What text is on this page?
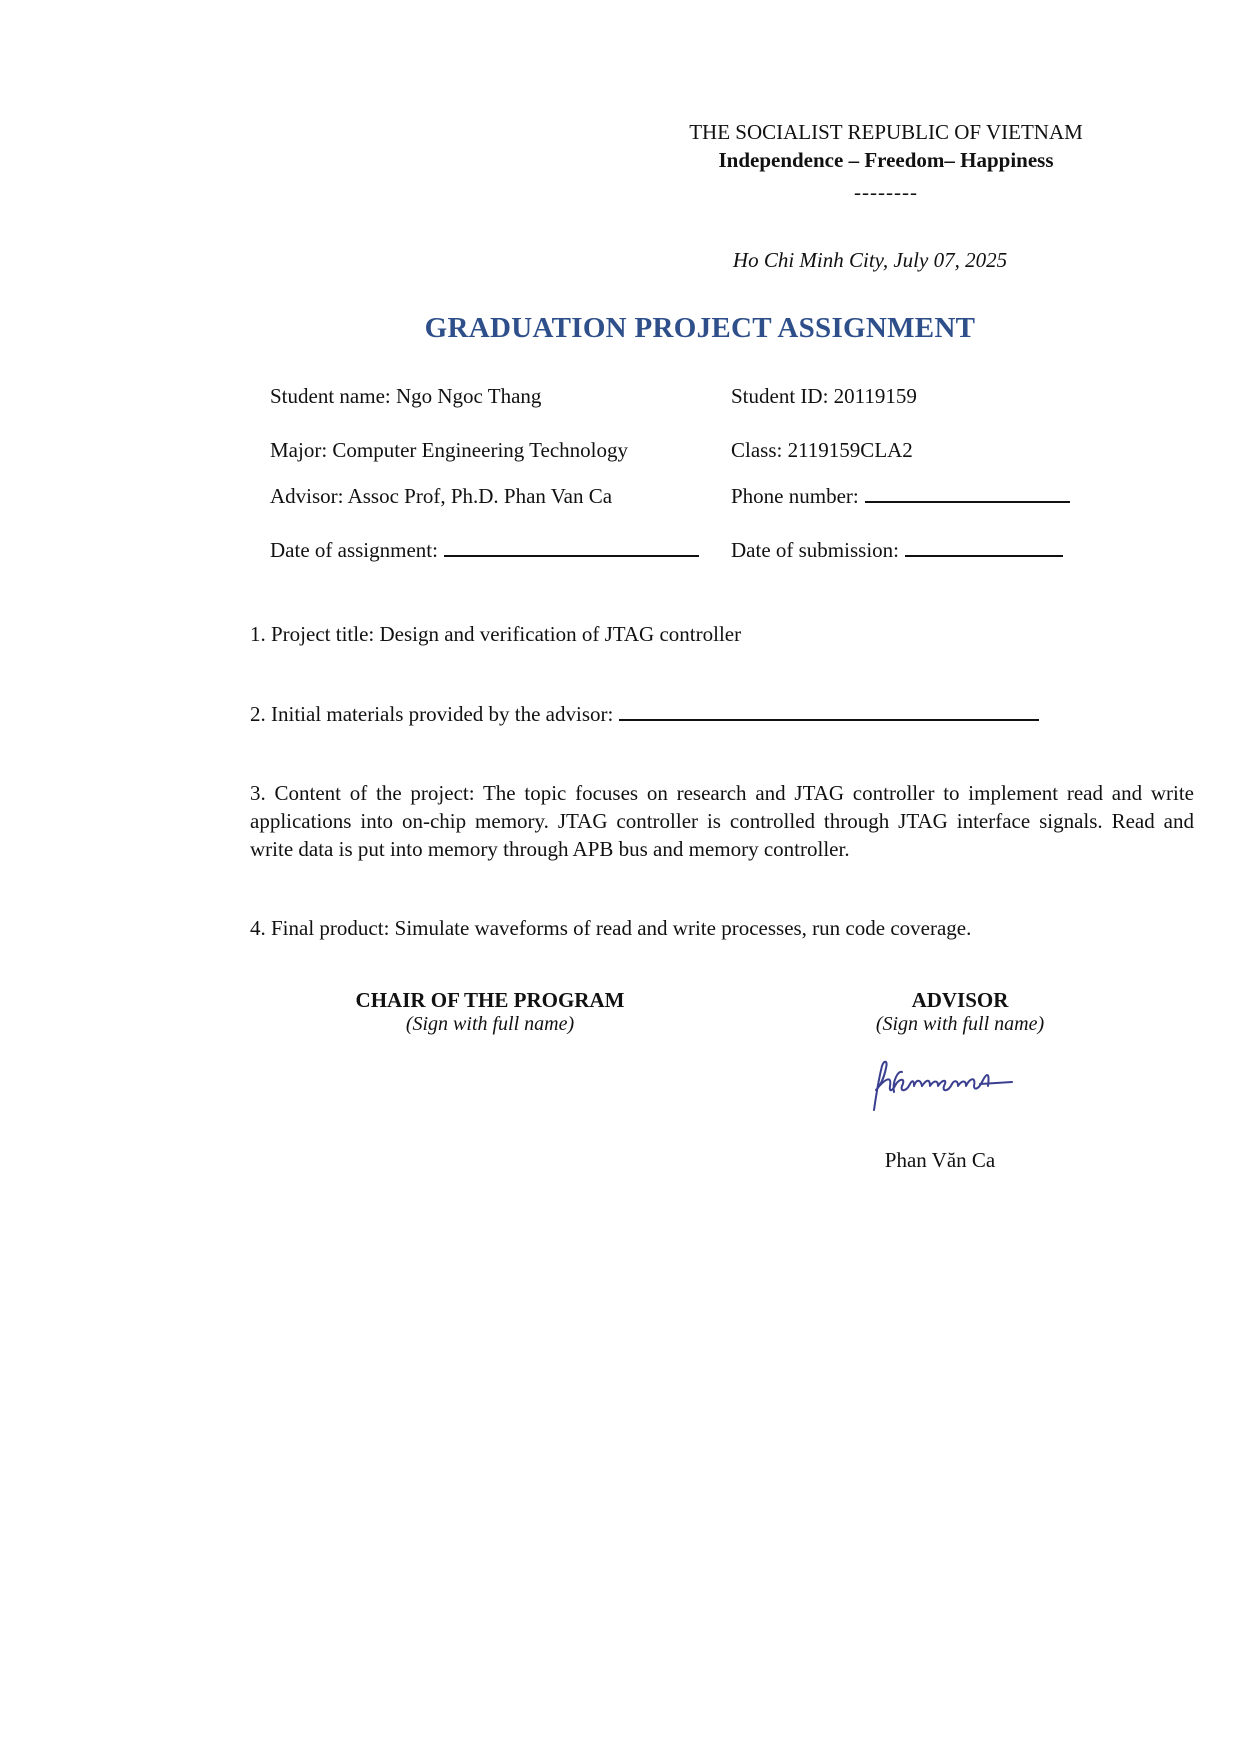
THE SOCIALIST REPUBLIC OF VIETNAM
Independence – Freedom– Happiness
--------
Ho Chi Minh City, July 07, 2025
GRADUATION PROJECT ASSIGNMENT
Student name: Ngo Ngoc Thang	Student ID: 20119159
Major: Computer Engineering Technology	Class: 2119159CLA2
Advisor: Assoc Prof, Ph.D. Phan Van Ca	Phone number:
Date of assignment:	Date of submission:
1. Project title: Design and verification of JTAG controller
2. Initial materials provided by the advisor:
3. Content of the project: The topic focuses on research and JTAG controller to implement read and write applications into on-chip memory. JTAG controller is controlled through JTAG interface signals. Read and write data is put into memory through APB bus and memory controller.
4. Final product: Simulate waveforms of read and write processes, run code coverage.
CHAIR OF THE PROGRAM
(Sign with full name)
ADVISOR
(Sign with full name)
Phan Văn Ca
